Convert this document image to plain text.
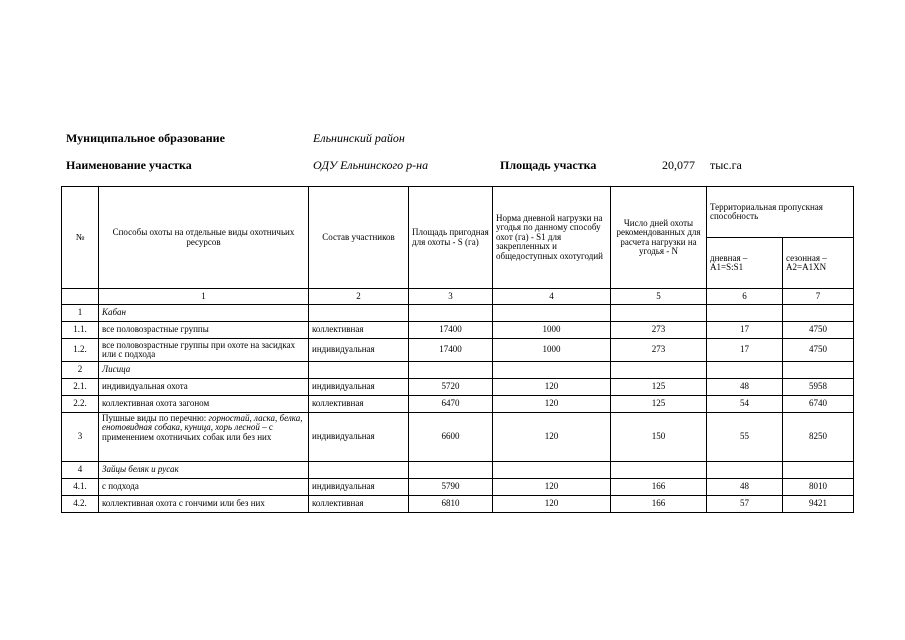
Муниципальное образование	Ельнинский район
Наименование участка	ОДУ Ельнинского р-на	Площадь участка	20,077 тыс.га
№	Способы охоты на отдельные виды охотничьих ресурсов	Состав участников	Площадь пригодная для охоты - S (га)	Норма дневной нагрузки на угодья по данному способу охот (га) - S1 для закрепленных и общедоступных охотугодий	Число дней охоты рекомендованных для расчета нагрузки на угодья - N	Территориальная пропускная способность	
						дневная – A1=S:S1	сезонная – A2=A1XN
	1	2	3	4	5	6	7
1	Кабан						
1.1.	все половозрастные группы	коллективная	17400	1000	273	17	4750
1.2.	все половозрастные группы при охоте на засидках или с подхода	индивидуальная	17400	1000	273	17	4750
2	Лисица						
2.1.	индивидуальная охота	индивидуальная	5720	120	125	48	5958
2.2.	коллективная охота загоном	коллективная	6470	120	125	54	6740
3	Пушные виды по перечню: горностай, ласка, белка, енотовидная собака, куница, хорь лесной – с применением охотничьих собак или без них	индивидуальная	6600	120	150	55	8250
4	Зайцы беляк и русак						
4.1.	с подхода	индивидуальная	5790	120	166	48	8010
4.2.	коллективная охота с гончими или без них	коллективная	6810	120	166	57	9421
